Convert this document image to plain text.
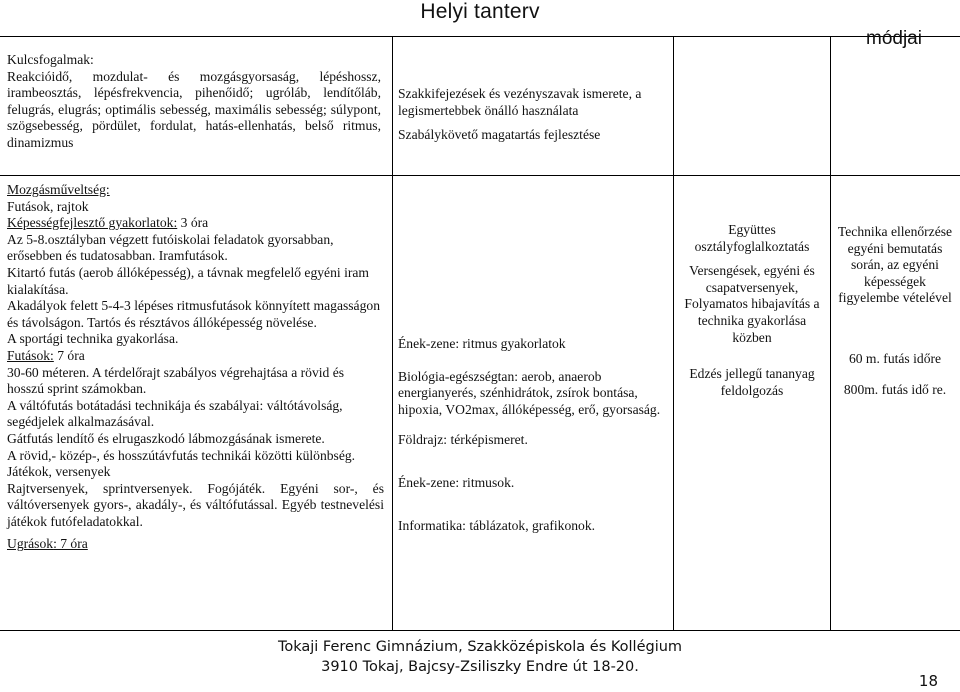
Helyi tanterv
módjai

Kulcsfogalmak:

Reakcióidő, mozdulat- és mozgásgyorsaság, lépéshossz, irambeosztás, lépésfrekvencia, pihenőidő; ugróláb, lendítőláb, felugrás, elugrás; optimális sebesség, maximális sebesség; súlypont, szögsebesség, pördület, fordulat, hatás-ellenhatás, belső ritmus, dinamizmus

Szakkifejezések és vezényszavak ismerete, a legismertebbek önálló használata

Szabálykövető magatartás fejlesztése

Mozgásműveltség:

Futások, rajtok

Képességfejlesztő gyakorlatok: 3 óra

Az 5-8.osztályban végzett futóiskolai feladatok gyorsabban, erősebben és tudatosabban. Iramfutások.

Kitartó futás (aerob állóképesség), a távnak megfelelő egyéni iram kialakítása.

Akadályok felett 5-4-3 lépéses ritmusfutások könnyített magasságon és távolságon. Tartós és résztávos állóképesség növelése.

A sportági technika gyakorlása.

Futások: 7 óra

30-60 méteren. A térdelőrajt szabályos végrehajtása a rövid és hosszú sprint számokban.

A váltófutás botátadási technikája és szabályai: váltótávolság, segédjelek alkalmazásával.

Gátfutás lendítő és elrugaszkodó lábmozgásának ismerete.

A rövid,- közép-, és hosszútávfutás technikái közötti különbség.

Játékok, versenyek

Rajtversenyek, sprintversenyek. Fogójáték. Egyéni sor-, és váltóversenyek gyors-, akadály-, és váltófutással. Egyéb testnevelési játékok futófeladatokkal.

Ugrások: 7 óra

Ének-zene: ritmus gyakorlatok

Biológia-egészségtan: aerob, anaerob energianyerés, szénhidrátok, zsírok bontása, hipoxia, VO2max, állóképesség, erő, gyorsaság.

Földrajz: térképismeret.

Ének-zene: ritmusok.

Informatika: táblázatok, grafikonok.

Együttes osztályfoglalkoztatás

Versengések, egyéni és csapatversenyek, Folyamatos hibajavítás a technika gyakorlása közben

Edzés jellegű tananyag feldolgozás

Technika ellenőrzése egyéni bemutatás során, az egyéni képességek figyelembe vételével

60 m. futás időre

800m. futás idő re.

Tokaji Ferenc Gimnázium, Szakközépiskola és Kollégium

3910 Tokaj, Bajcsy-Zsiliszky Endre út 18-20.

18
